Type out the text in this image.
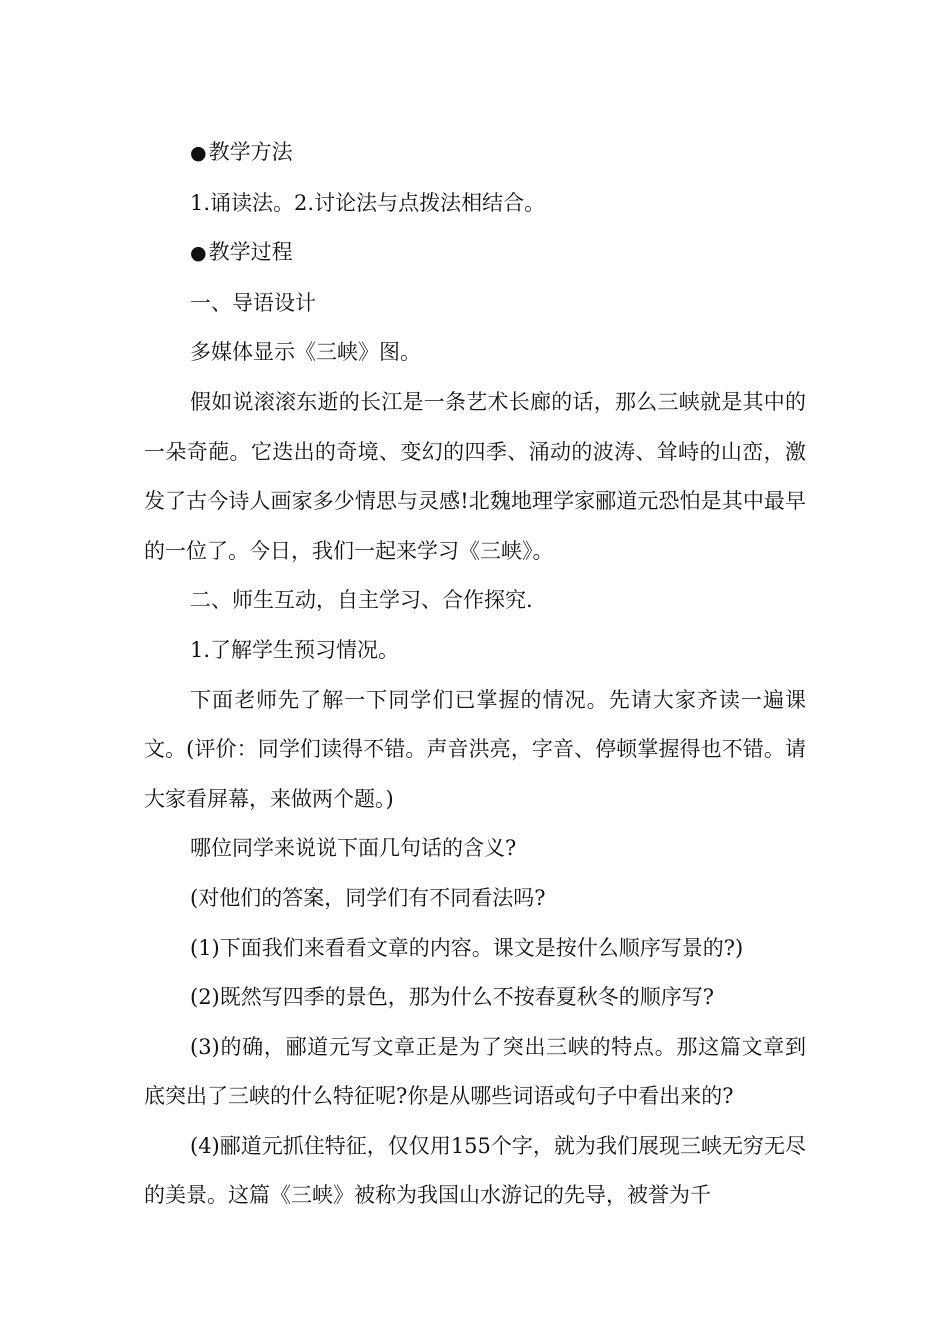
●教学方法

1.诵读法。2.讨论法与点拨法相结合。

●教学过程

一、导语设计

多媒体显示《三峡》图。

假如说滚滚东逝的长江是一条艺术长廊的话，那么三峡就是其中的一朵奇葩。它迭出的奇境、变幻的四季、涌动的波涛、耸峙的山峦，激发了古今诗人画家多少情思与灵感!北魏地理学家郦道元恐怕是其中最早的一位了。今日，我们一起来学习《三峡》。

二、师生互动，自主学习、合作探究.

1.了解学生预习情况。

下面老师先了解一下同学们已掌握的情况。先请大家齐读一遍课文。(评价：同学们读得不错。声音洪亮，字音、停顿掌握得也不错。请大家看屏幕，来做两个题。)

哪位同学来说说下面几句话的含义?

(对他们的答案，同学们有不同看法吗?

(1)下面我们来看看文章的内容。课文是按什么顺序写景的?)

(2)既然写四季的景色，那为什么不按春夏秋冬的顺序写?

(3)的确，郦道元写文章正是为了突出三峡的特点。那这篇文章到底突出了三峡的什么特征呢?你是从哪些词语或句子中看出来的?

(4)郦道元抓住特征，仅仅用155个字，就为我们展现三峡无穷无尽的美景。这篇《三峡》被称为我国山水游记的先导，被誉为千
